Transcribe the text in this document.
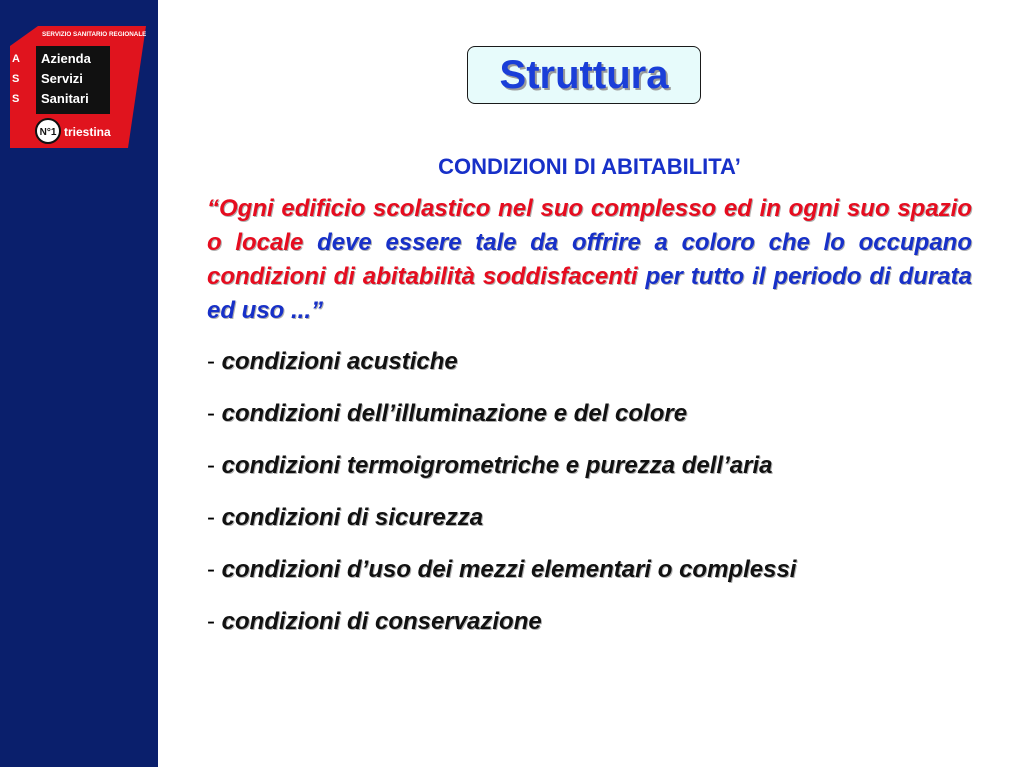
SERVIZIO SANITARIO REGIONALE
A
S
S
Azienda
Servizi
Sanitari
N°1 triestina
Struttura
CONDIZIONI DI ABITABILITA’

“Ogni edificio scolastico nel suo complesso ed in ogni suo spazio o locale deve essere tale da offrire a coloro che lo occupano condizioni di abitabilità soddisfacenti per tutto il periodo di durata ed uso ...”

- condizioni acustiche
- condizioni dell’illuminazione e del colore
- condizioni termoigrometriche e purezza dell’aria
- condizioni di sicurezza
- condizioni d’uso dei mezzi elementari o complessi
- condizioni di conservazione
